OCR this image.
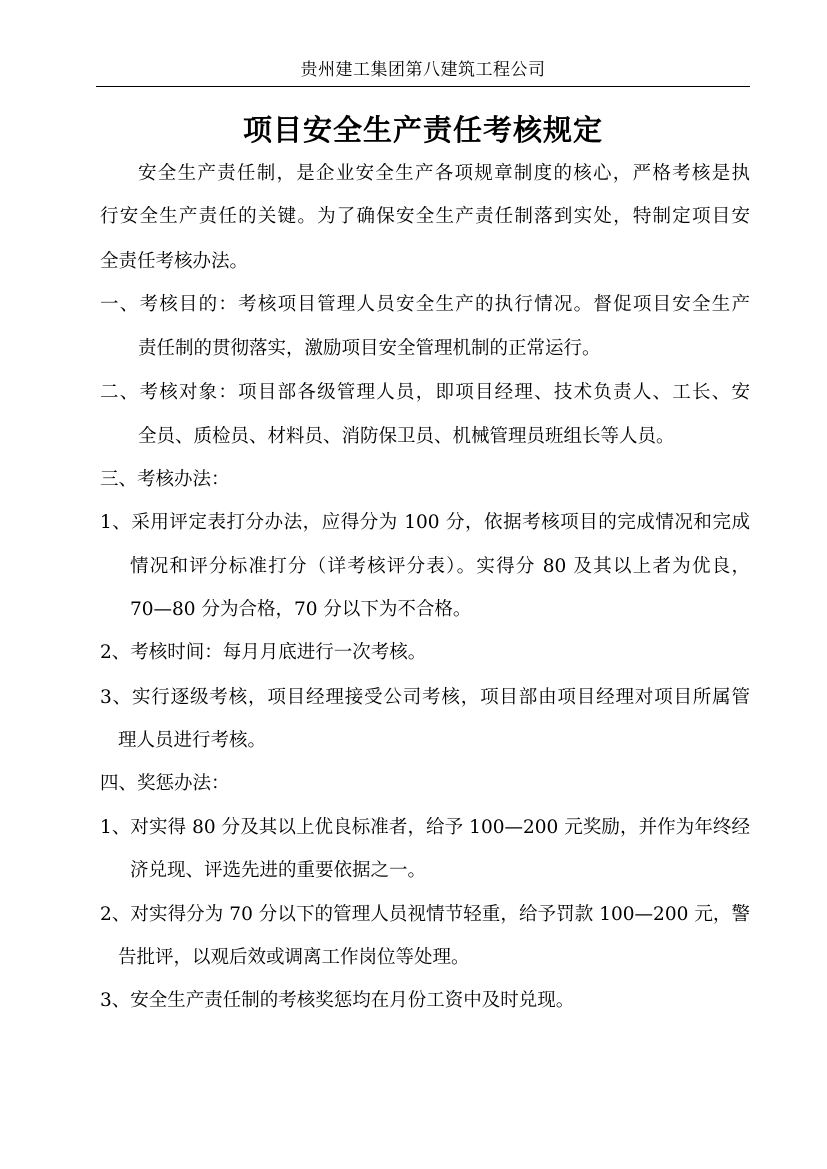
贵州建工集团第八建筑工程公司
项目安全生产责任考核规定
安全生产责任制，是企业安全生产各项规章制度的核心，严格考核是执
行安全生产责任的关键。为了确保安全生产责任制落到实处，特制定项目安
全责任考核办法。
一、考核目的：考核项目管理人员安全生产的执行情况。督促项目安全生产
责任制的贯彻落实，激励项目安全管理机制的正常运行。
二、考核对象：项目部各级管理人员，即项目经理、技术负责人、工长、安
全员、质检员、材料员、消防保卫员、机械管理员班组长等人员。
三、考核办法：
1、采用评定表打分办法，应得分为 100 分，依据考核项目的完成情况和完成
情况和评分标准打分（详考核评分表）。实得分 80 及其以上者为优良，
70—80 分为合格，70 分以下为不合格。
2、考核时间：每月月底进行一次考核。
3、实行逐级考核，项目经理接受公司考核，项目部由项目经理对项目所属管
理人员进行考核。
四、奖惩办法：
1、对实得 80 分及其以上优良标准者，给予 100—200 元奖励，并作为年终经
济兑现、评选先进的重要依据之一。
2、对实得分为 70 分以下的管理人员视情节轻重，给予罚款 100—200 元，警
告批评，以观后效或调离工作岗位等处理。
3、安全生产责任制的考核奖惩均在月份工资中及时兑现。
